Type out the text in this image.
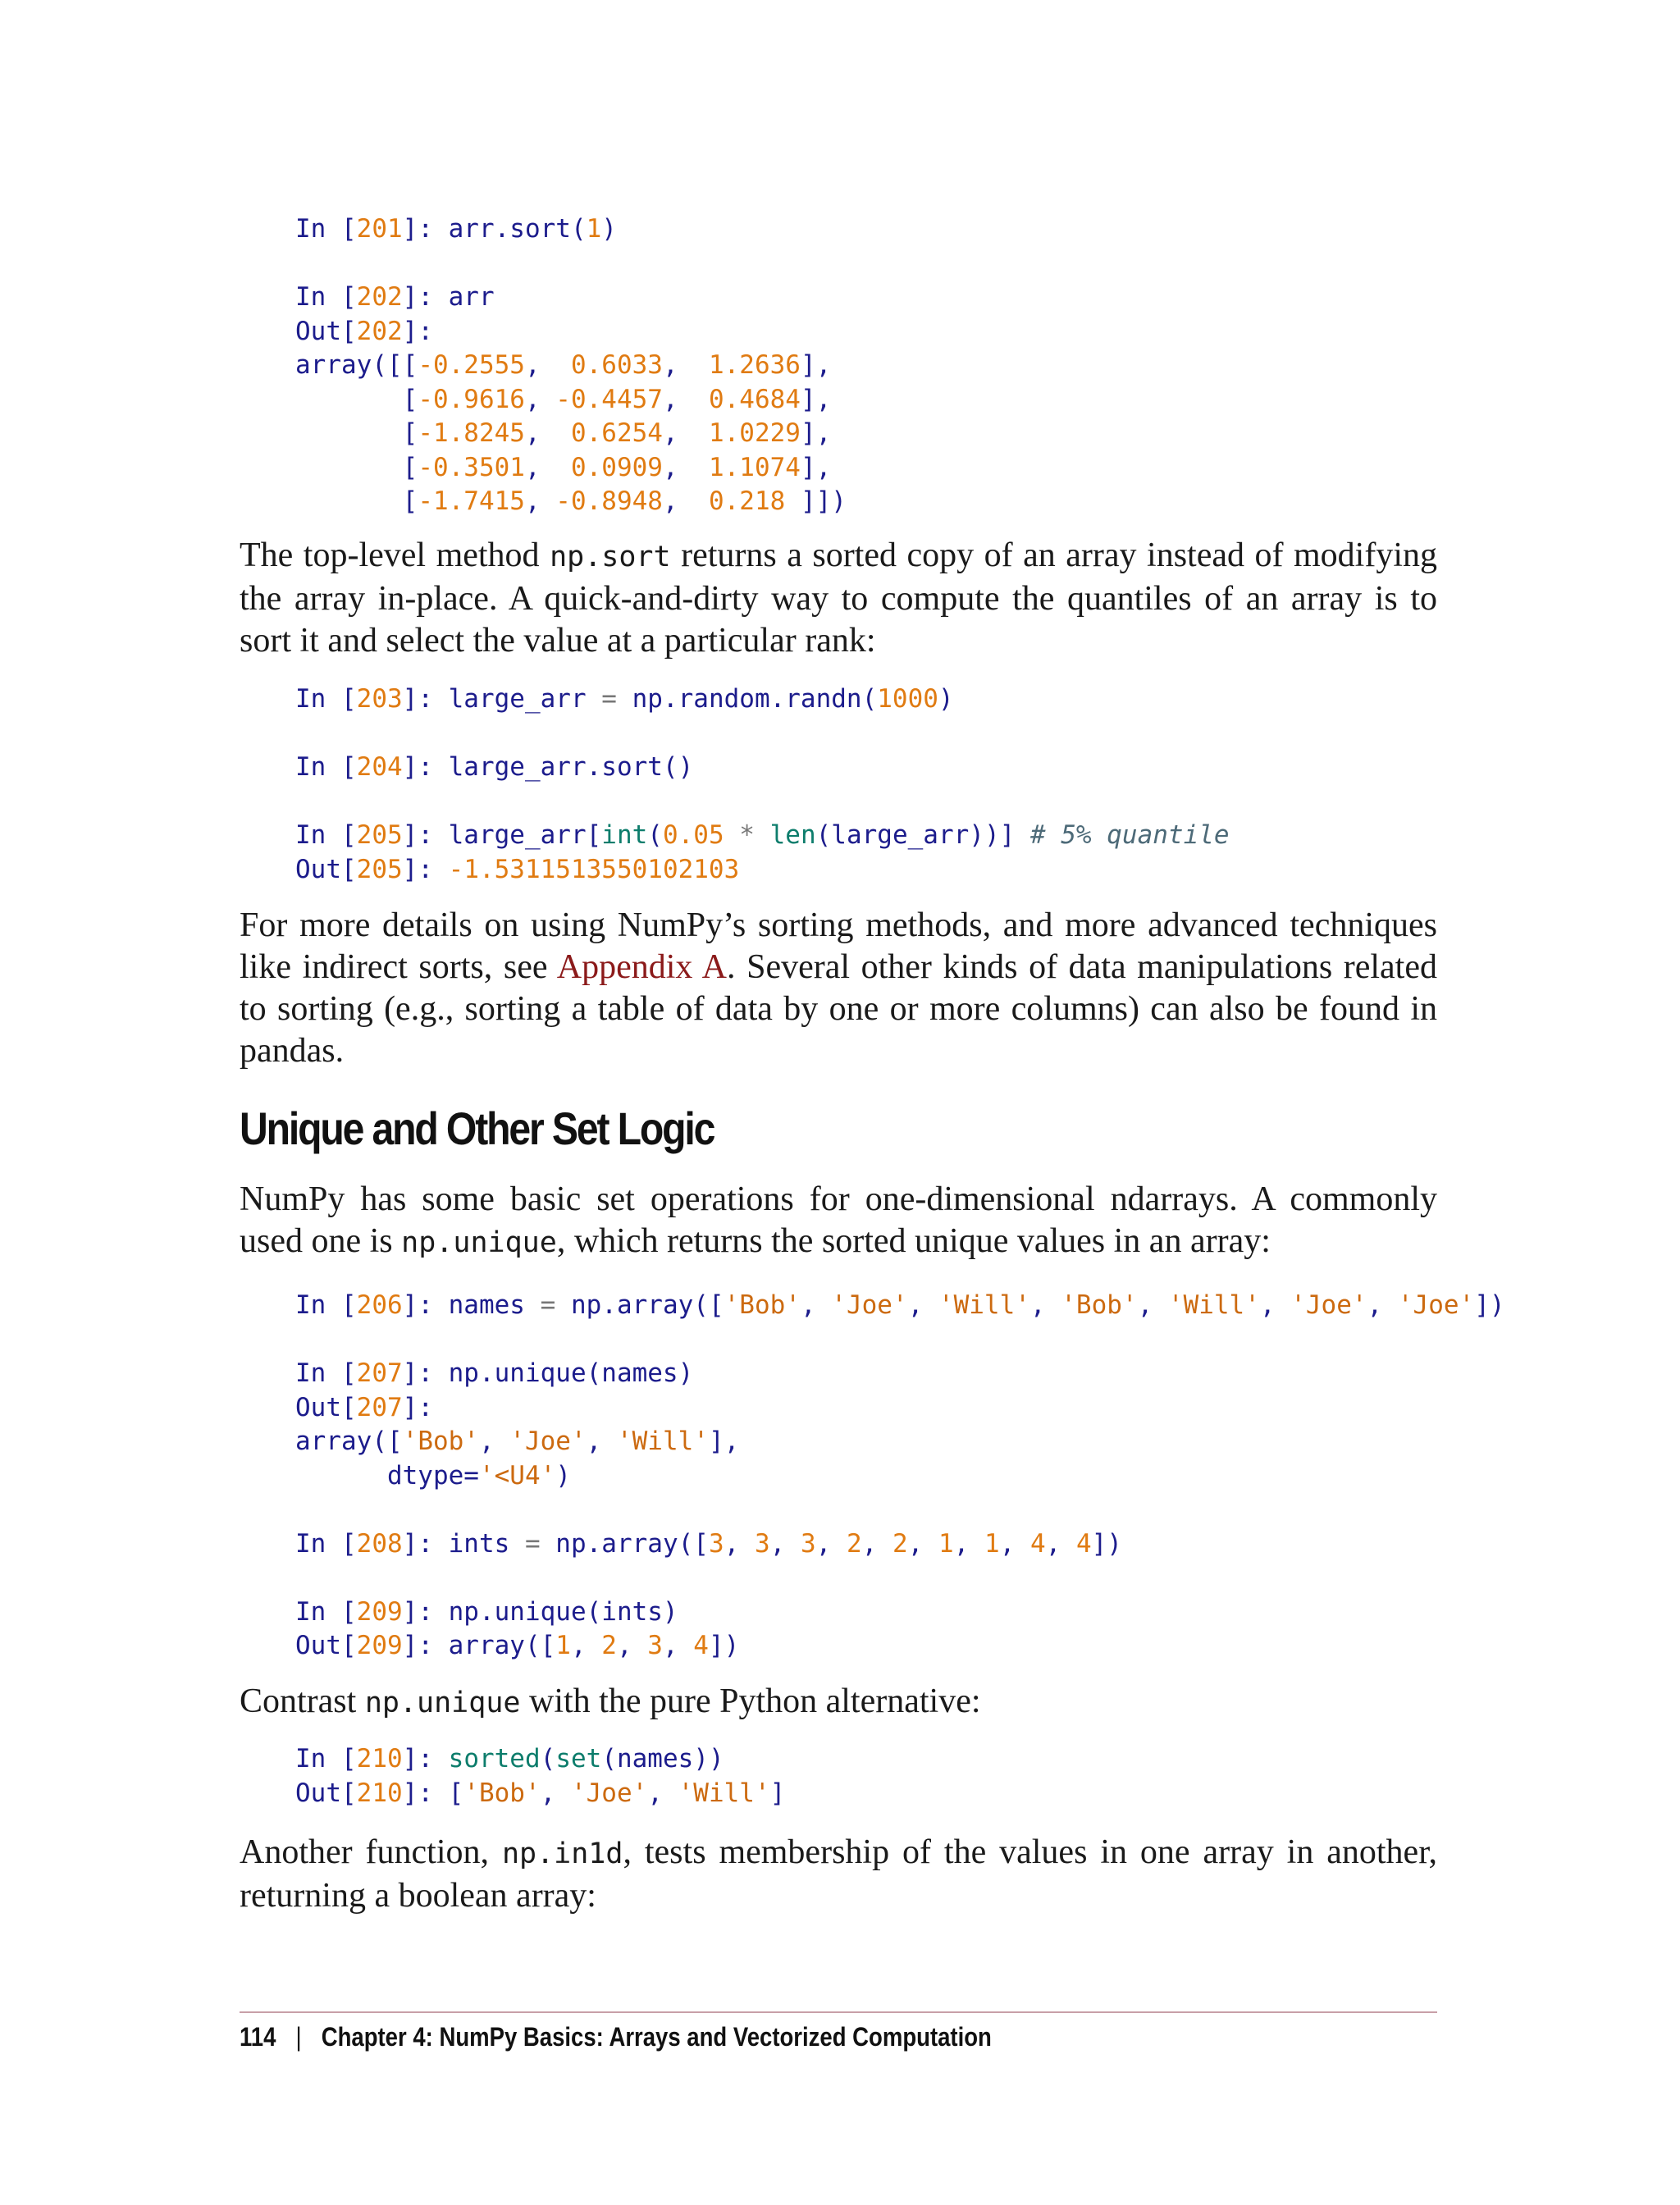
In [201]: arr.sort(1)
In [202]: arr
Out[202]:
array([[-0.2555,  0.6033,  1.2636],
[-0.9616, -0.4457,  0.4684],
[-1.8245,  0.6254,  1.0229],
[-0.3501,  0.0909,  1.1074],
[-1.7415, -0.8948,  0.218 ]])

The top-level method np.sort returns a sorted copy of an array instead of modifying the array in-place. A quick-and-dirty way to compute the quantiles of an array is to sort it and select the value at a particular rank:

In [203]: large_arr = np.random.randn(1000)
In [204]: large_arr.sort()
In [205]: large_arr[int(0.05 * len(large_arr))] # 5% quantile
Out[205]: -1.5311513550102103

For more details on using NumPy’s sorting methods, and more advanced techniques like indirect sorts, see Appendix A. Several other kinds of data manipulations related to sorting (e.g., sorting a table of data by one or more columns) can also be found in pandas.

Unique and Other Set Logic

NumPy has some basic set operations for one-dimensional ndarrays. A commonly used one is np.unique, which returns the sorted unique values in an array:

In [206]: names = np.array(['Bob', 'Joe', 'Will', 'Bob', 'Will', 'Joe', 'Joe'])
In [207]: np.unique(names)
Out[207]:
array(['Bob', 'Joe', 'Will'],
dtype='<U4')
In [208]: ints = np.array([3, 3, 3, 2, 2, 1, 1, 4, 4])
In [209]: np.unique(ints)
Out[209]: array([1, 2, 3, 4])

Contrast np.unique with the pure Python alternative:

In [210]: sorted(set(names))
Out[210]: ['Bob', 'Joe', 'Will']

Another function, np.in1d, tests membership of the values in one array in another, returning a boolean array:

114 | Chapter 4: NumPy Basics: Arrays and Vectorized Computation
